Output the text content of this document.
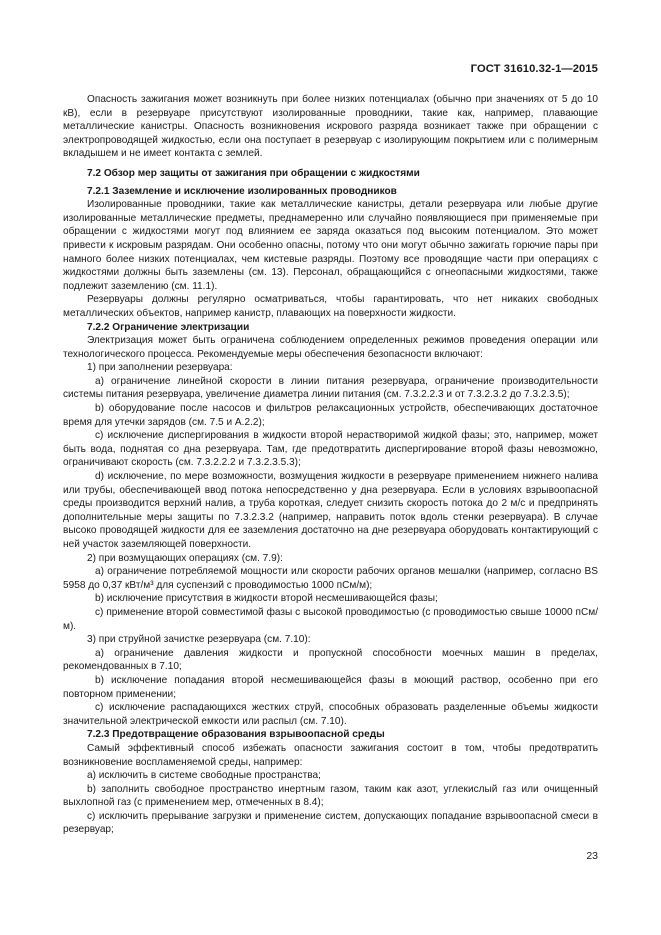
ГОСТ 31610.32-1—2015

Опасность зажигания может возникнуть при более низких потенциалах (обычно при значениях от 5 до 10 кВ), если в резервуаре присутствуют изолированные проводники, такие как, например, плавающие металлические канистры. Опасность возникновения искрового разряда возникает также при обращении с электропроводящей жидкостью, если она поступает в резервуар с изолирующим покрытием или с полимерным вкладышем и не имеет контакта с землей.

7.2 Обзор мер защиты от зажигания при обращении с жидкостями

7.2.1 Заземление и исключение изолированных проводников

Изолированные проводники, такие как металлические канистры, детали резервуара или любые другие изолированные металлические предметы, преднамеренно или случайно появляющиеся при применяемые при обращении с жидкостями могут под влиянием ее заряда оказаться под высоким потенциалом. Это может привести к искровым разрядам. Они особенно опасны, потому что они могут обычно зажигать горючие пары при намного более низких потенциалах, чем кистевые разряды. Поэтому все проводящие части при операциях с жидкостями должны быть заземлены (см. 13). Персонал, обращающийся с огнеопасными жидкостями, также подлежит заземлению (см. 11.1).

Резервуары должны регулярно осматриваться, чтобы гарантировать, что нет никаких свободных металлических объектов, например канистр, плавающих на поверхности жидкости.

7.2.2 Ограничение электризации

Электризация может быть ограничена соблюдением определенных режимов проведения операции или технологического процесса. Рекомендуемые меры обеспечения безопасности включают:

1) при заполнении резервуара:

a) ограничение линейной скорости в линии питания резервуара, ограничение производительности системы питания резервуара, увеличение диаметра линии питания (см. 7.3.2.2.3 и от 7.3.2.3.2 до 7.3.2.3.5);

b) оборудование после насосов и фильтров релаксационных устройств, обеспечивающих достаточное время для утечки зарядов (см. 7.5 и А.2.2);

c) исключение диспергирования в жидкости второй нерастворимой жидкой фазы; это, например, может быть вода, поднятая со дна резервуара. Там, где предотвратить диспергирование второй фазы невозможно, ограничивают скорость (см. 7.3.2.2.2 и 7.3.2.3.5.3);

d) исключение, по мере возможности, возмущения жидкости в резервуаре применением нижнего налива или трубы, обеспечивающей ввод потока непосредственно у дна резервуара. Если в условиях взрывоопасной среды производится верхний налив, а труба короткая, следует снизить скорость потока до 2 м/с и предпринять дополнительные меры защиты по 7.3.2.3.2 (например, направить поток вдоль стенки резервуара). В случае высоко проводящей жидкости для ее заземления достаточно на дне резервуара оборудовать контактирующий с ней участок заземляющей поверхности.

2) при возмущающих операциях (см. 7.9):

a) ограничение потребляемой мощности или скорости рабочих органов мешалки (например, согласно BS 5958 до 0,37 кВт/м³ для суспензий с проводимостью 1000 пСм/м);

b) исключение присутствия в жидкости второй несмешивающейся фазы;

c) применение второй совместимой фазы с высокой проводимостью (с проводимостью свыше 10000 пСм/м).

3) при струйной зачистке резервуара (см. 7.10):

a) ограничение давления жидкости и пропускной способности моечных машин в пределах, рекомендованных в 7.10;

b) исключение попадания второй несмешивающейся фазы в моющий раствор, особенно при его повторном применении;

c) исключение распадающихся жестких струй, способных образовать разделенные объемы жидкости значительной электрической емкости или распыл (см. 7.10).

7.2.3 Предотвращение образования взрывоопасной среды

Самый эффективный способ избежать опасности зажигания состоит в том, чтобы предотвратить возникновение воспламеняемой среды, например:

a) исключить в системе свободные пространства;

b) заполнить свободное пространство инертным газом, таким как азот, углекислый газ или очищенный выхлопной газ (с применением мер, отмеченных в 8.4);

c) исключить прерывание загрузки и применение систем, допускающих попадание взрывоопасной смеси в резервуар;

23
